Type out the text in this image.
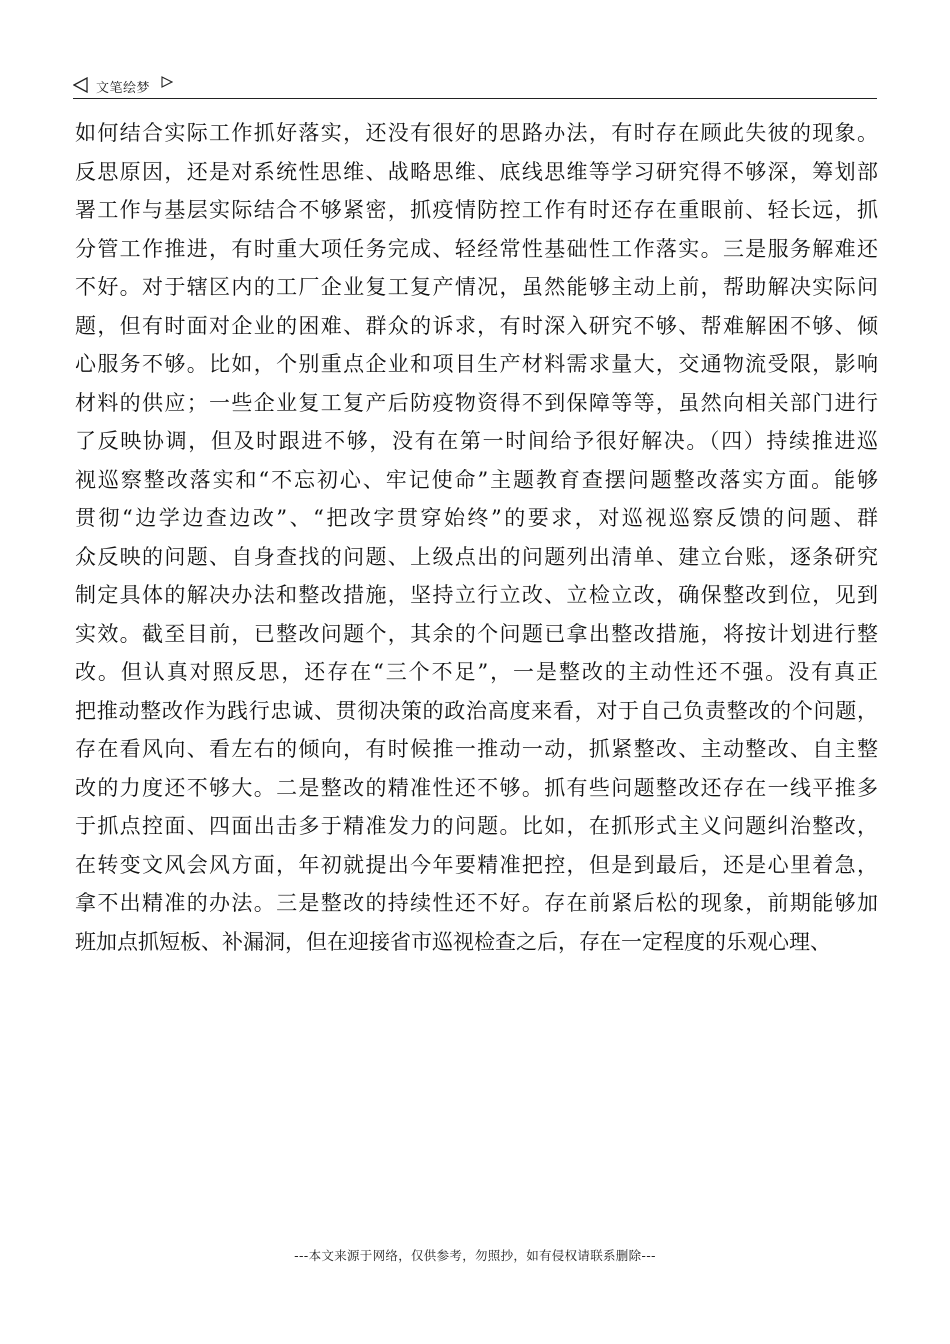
文笔绘梦
如何结合实际工作抓好落实，还没有很好的思路办法，有时存在顾此失彼的现象。
反思原因，还是对系统性思维、战略思维、底线思维等学习研究得不够深，筹划部
署工作与基层实际结合不够紧密，抓疫情防控工作有时还存在重眼前、轻长远，抓
分管工作推进，有时重大项任务完成、轻经常性基础性工作落实。三是服务解难还
不好。对于辖区内的工厂企业复工复产情况，虽然能够主动上前，帮助解决实际问
题，但有时面对企业的困难、群众的诉求，有时深入研究不够、帮难解困不够、倾
心服务不够。比如，个别重点企业和项目生产材料需求量大，交通物流受限，影响
材料的供应；一些企业复工复产后防疫物资得不到保障等等，虽然向相关部门进行
了反映协调，但及时跟进不够，没有在第一时间给予很好解决。（四）持续推进巡
视巡察整改落实和“不忘初心、牢记使命”主题教育查摆问题整改落实方面。能够
贯彻“边学边查边改”、“把改字贯穿始终”的要求，对巡视巡察反馈的问题、群
众反映的问题、自身查找的问题、上级点出的问题列出清单、建立台账，逐条研究
制定具体的解决办法和整改措施，坚持立行立改、立检立改，确保整改到位，见到
实效。截至目前，已整改问题个，其余的个问题已拿出整改措施，将按计划进行整
改。但认真对照反思，还存在“三个不足”，一是整改的主动性还不强。没有真正
把推动整改作为践行忠诚、贯彻决策的政治高度来看，对于自己负责整改的个问题，
存在看风向、看左右的倾向，有时候推一推动一动，抓紧整改、主动整改、自主整
改的力度还不够大。二是整改的精准性还不够。抓有些问题整改还存在一线平推多
于抓点控面、四面出击多于精准发力的问题。比如，在抓形式主义问题纠治整改，
在转变文风会风方面，年初就提出今年要精准把控，但是到最后，还是心里着急，
拿不出精准的办法。三是整改的持续性还不好。存在前紧后松的现象，前期能够加
班加点抓短板、补漏洞，但在迎接省市巡视检查之后，存在一定程度的乐观心理、
---本文来源于网络，仅供参考，勿照抄，如有侵权请联系删除---
